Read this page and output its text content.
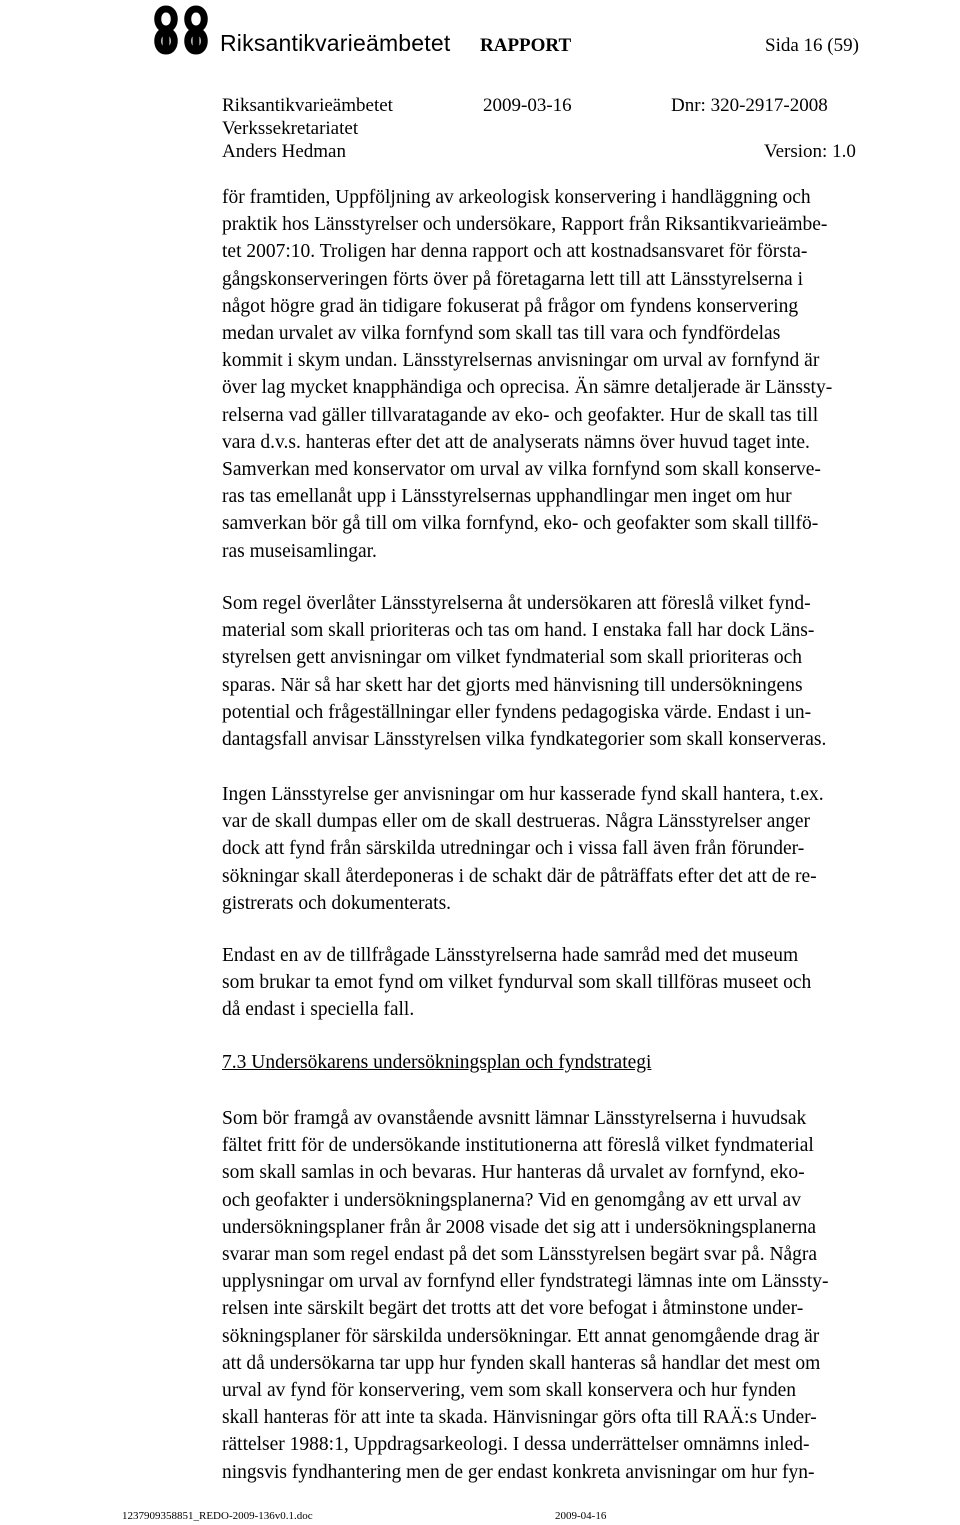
Riksantikvarieämbetet RAPPORT	Sida 16 (59)
Riksantikvarieämbetet	2009-03-16	Dnr: 320-2917-2008
Verkssekretariatet
Anders Hedman	Version: 1.0

för framtiden, Uppföljning av arkeologisk konservering i handläggning och
praktik hos Länsstyrelser och undersökare, Rapport från Riksantikvarieämbe-
tet 2007:10. Troligen har denna rapport och att kostnadsansvaret för första-
gångskonserveringen förts över på företagarna lett till att Länsstyrelserna i
något högre grad än tidigare fokuserat på frågor om fyndens konservering
medan urvalet av vilka fornfynd som skall tas till vara och fyndfördelas
kommit i skym undan. Länsstyrelsernas anvisningar om urval av fornfynd är
över lag mycket knapphändiga och oprecisa. Än sämre detaljerade är Länssty-
relserna vad gäller tillvaratagande av eko- och geofakter. Hur de skall tas till
vara d.v.s. hanteras efter det att de analyserats nämns över huvud taget inte.
Samverkan med konservator om urval av vilka fornfynd som skall konserve-
ras tas emellanåt upp i Länsstyrelsernas upphandlingar men inget om hur
samverkan bör gå till om vilka fornfynd, eko- och geofakter som skall tillfö-
ras museisamlingar.

Som regel överlåter Länsstyrelserna åt undersökaren att föreslå vilket fynd-
material som skall prioriteras och tas om hand. I enstaka fall har dock Läns-
styrelsen gett anvisningar om vilket fyndmaterial som skall prioriteras och
sparas. När så har skett har det gjorts med hänvisning till undersökningens
potential och frågeställningar eller fyndens pedagogiska värde. Endast i un-
dantagsfall anvisar Länsstyrelsen vilka fyndkategorier som skall konserveras.

Ingen Länsstyrelse ger anvisningar om hur kasserade fynd skall hantera, t.ex.
var de skall dumpas eller om de skall destrueras. Några Länsstyrelser anger
dock att fynd från särskilda utredningar och i vissa fall även från förunder-
sökningar skall återdeponeras i de schakt där de påträffats efter det att de re-
gistrerats och dokumenterats.

Endast en av de tillfrågade Länsstyrelserna hade samråd med det museum
som brukar ta emot fynd om vilket fyndurval som skall tillföras museet och
då endast i speciella fall.

7.3 Undersökarens undersökningsplan och fyndstrategi

Som bör framgå av ovanstående avsnitt lämnar Länsstyrelserna i huvudsak
fältet fritt för de undersökande institutionerna att föreslå vilket fyndmaterial
som skall samlas in och bevaras. Hur hanteras då urvalet av fornfynd, eko-
och geofakter i undersökningsplanerna? Vid en genomgång av ett urval av
undersökningsplaner från år 2008 visade det sig att i undersökningsplanerna
svarar man som regel endast på det som Länsstyrelsen begärt svar på. Några
upplysningar om urval av fornfynd eller fyndstrategi lämnas inte om Länssty-
relsen inte särskilt begärt det trotts att det vore befogat i åtminstone under-
sökningsplaner för särskilda undersökningar. Ett annat genomgående drag är
att då undersökarna tar upp hur fynden skall hanteras så handlar det mest om
urval av fynd för konservering, vem som skall konservera och hur fynden
skall hanteras för att inte ta skada. Hänvisningar görs ofta till RAÄ:s Under-
rättelser 1988:1, Uppdragsarkeologi. I dessa underrättelser omnämns inled-
ningsvis fyndhantering men de ger endast konkreta anvisningar om hur fyn-

1237909358851_REDO-2009-136v0.1.doc	2009-04-16
